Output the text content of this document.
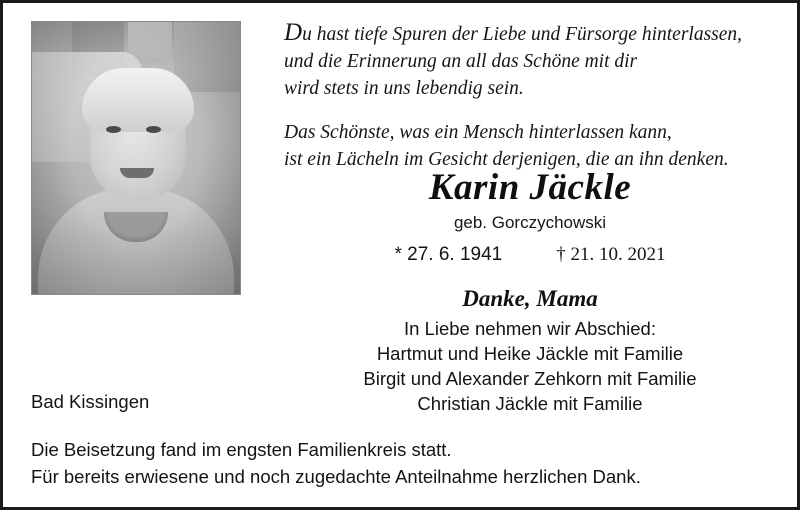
Du hast tiefe Spuren der Liebe und Fürsorge hinterlassen,

und die Erinnerung an all das Schöne mit dir

wird stets in uns lebendig sein.

Das Schönste, was ein Mensch hinterlassen kann,

ist ein Lächeln im Gesicht derjenigen, die an ihn denken.

Karin Jäckle
geb. Gorczychowski
* 27. 6. 1941	† 21. 10. 2021
Danke, Mama
In Liebe nehmen wir Abschied:
Hartmut und Heike Jäckle mit Familie
Birgit und Alexander Zehkorn mit Familie
Christian Jäckle mit Familie
Bad Kissingen
Die Beisetzung fand im engsten Familienkreis statt.
Für bereits erwiesene und noch zugedachte Anteilnahme herzlichen Dank.
